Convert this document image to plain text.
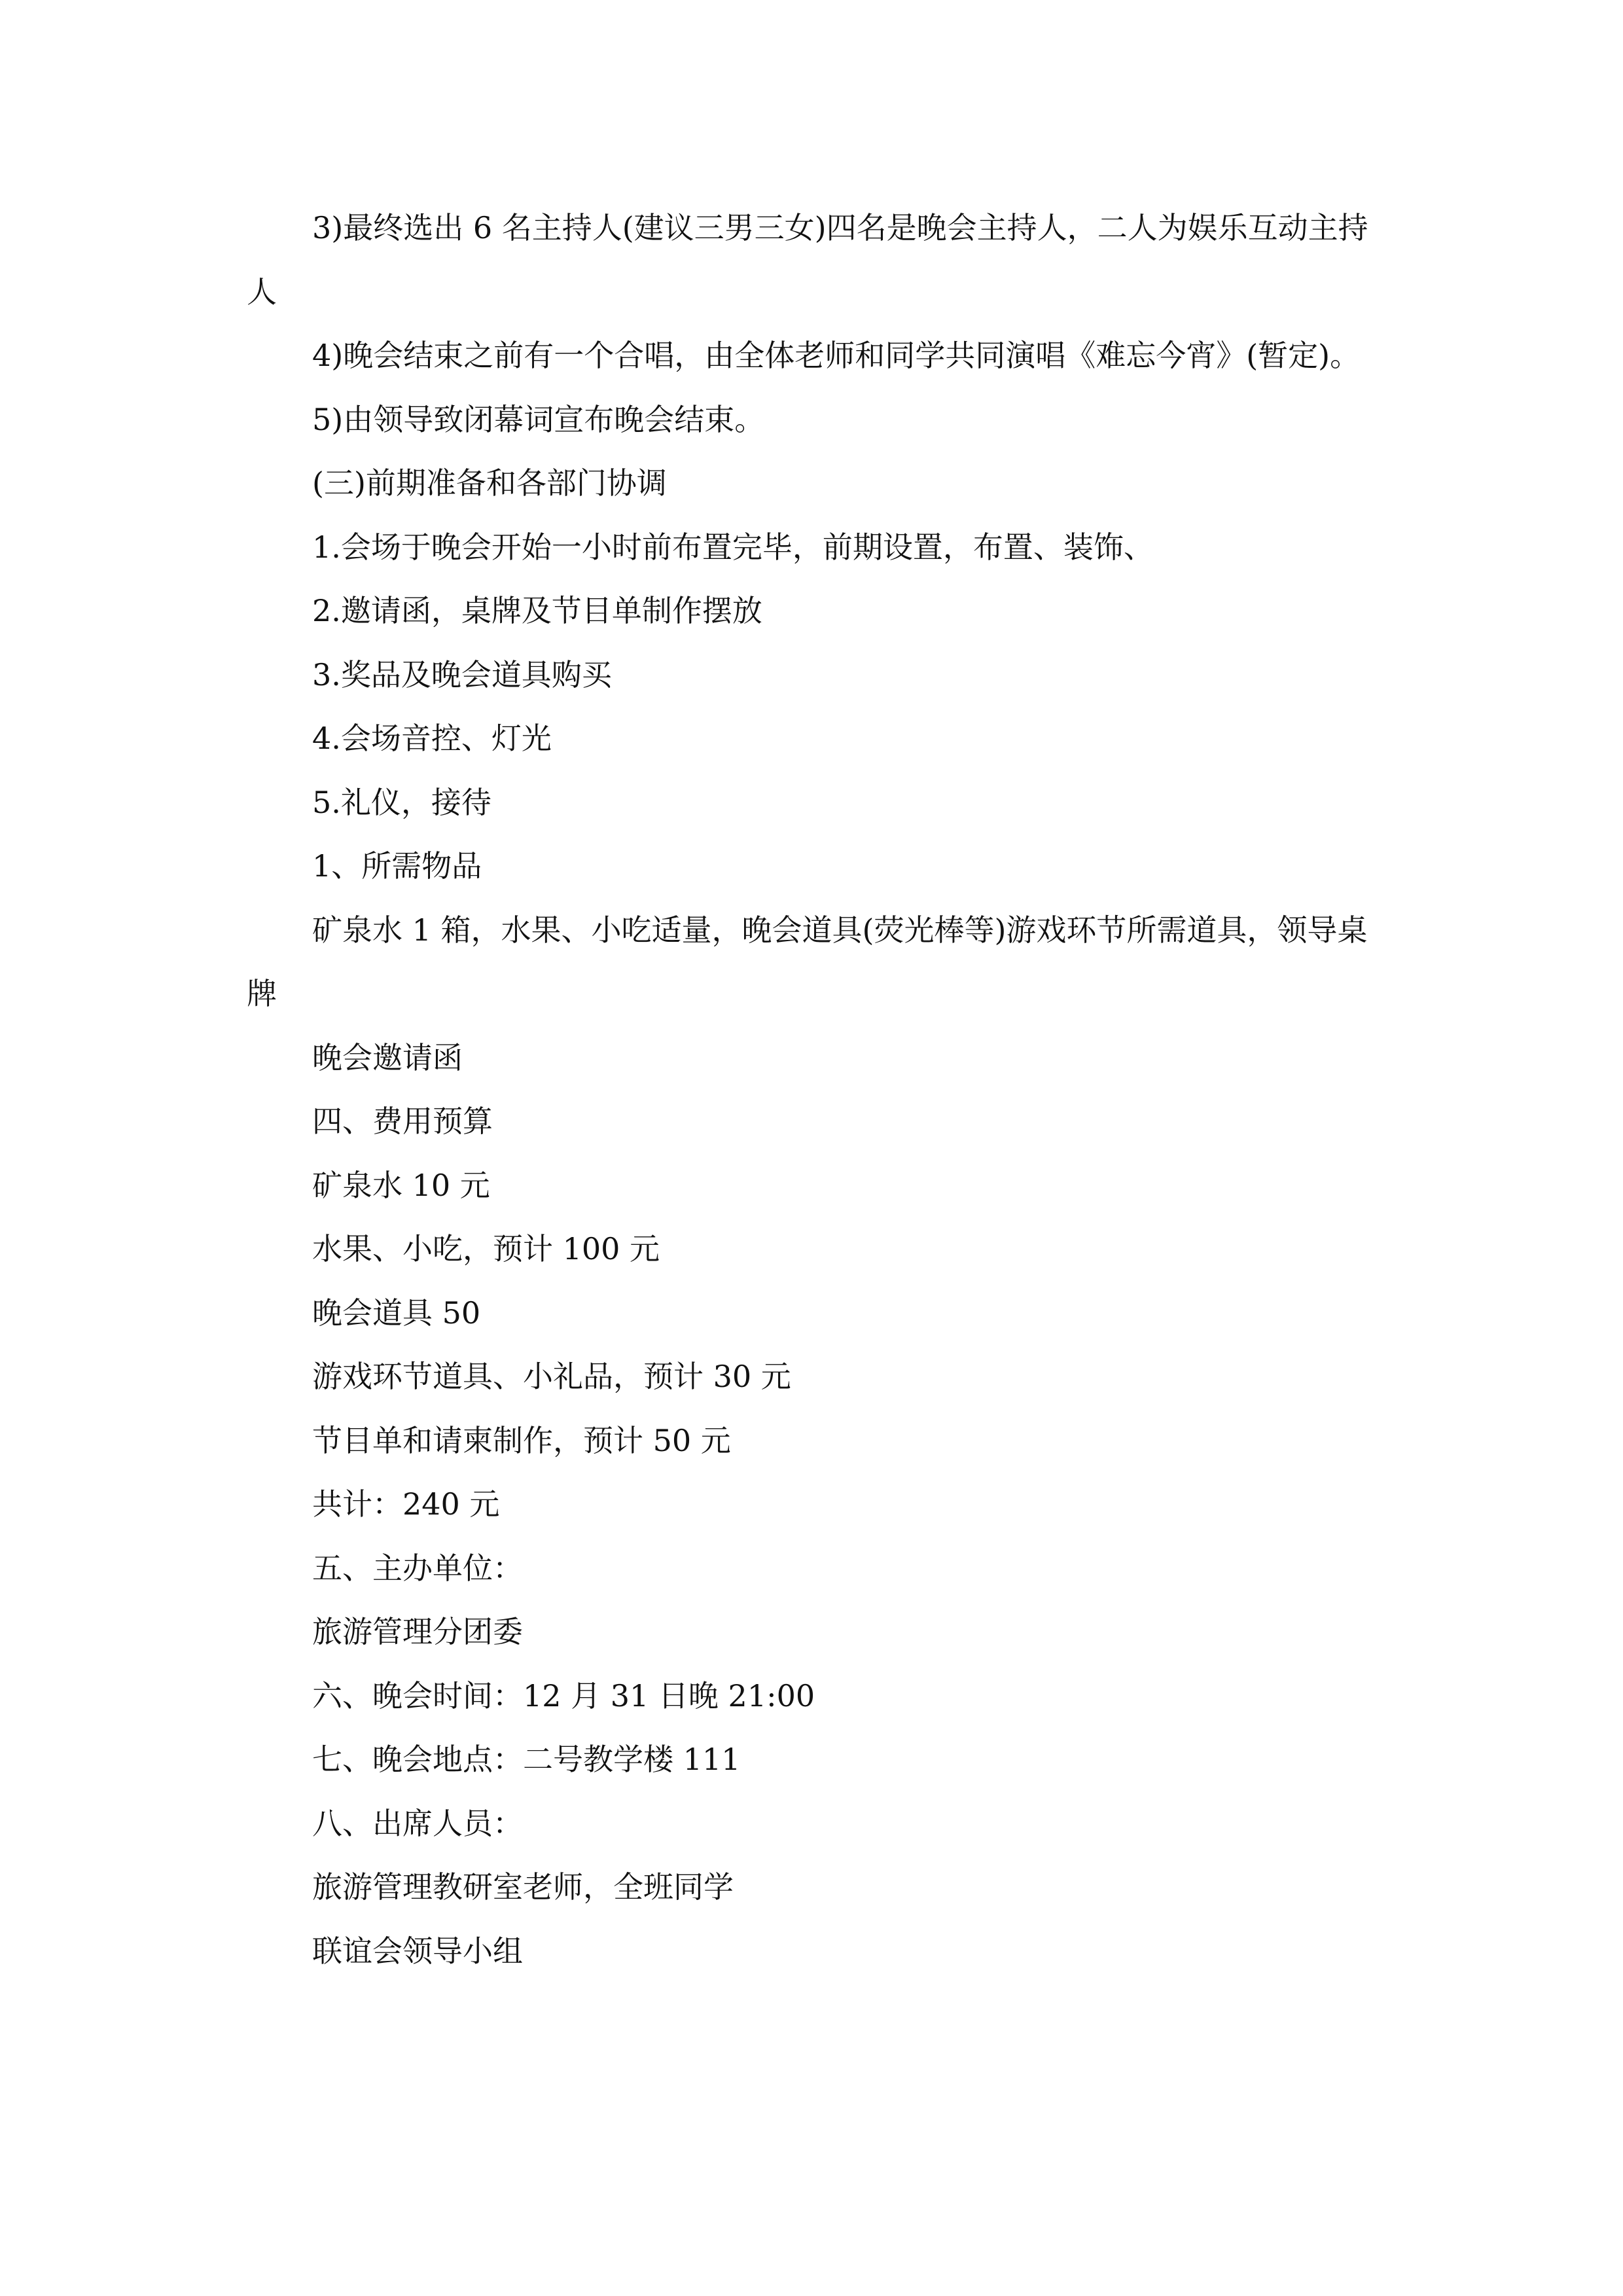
3)最终选出 6 名主持人(建议三男三女)四名是晚会主持人，二人为娱乐互动主持人

4)晚会结束之前有一个合唱，由全体老师和同学共同演唱《难忘今宵》(暂定)。

5)由领导致闭幕词宣布晚会结束。

(三)前期准备和各部门协调

1.会场于晚会开始一小时前布置完毕，前期设置，布置、装饰、

2.邀请函，桌牌及节目单制作摆放

3.奖品及晚会道具购买

4.会场音控、灯光

5.礼仪，接待

1、所需物品

矿泉水 1 箱，水果、小吃适量，晚会道具(荧光棒等)游戏环节所需道具，领导桌牌

晚会邀请函

四、费用预算

矿泉水 10 元

水果、小吃，预计 100 元

晚会道具 50

游戏环节道具、小礼品，预计 30 元

节目单和请柬制作，预计 50 元

共计：240 元

五、主办单位：

旅游管理分团委

六、晚会时间：12 月 31 日晚 21:00

七、晚会地点：二号教学楼 111

八、出席人员：

旅游管理教研室老师，全班同学

联谊会领导小组
